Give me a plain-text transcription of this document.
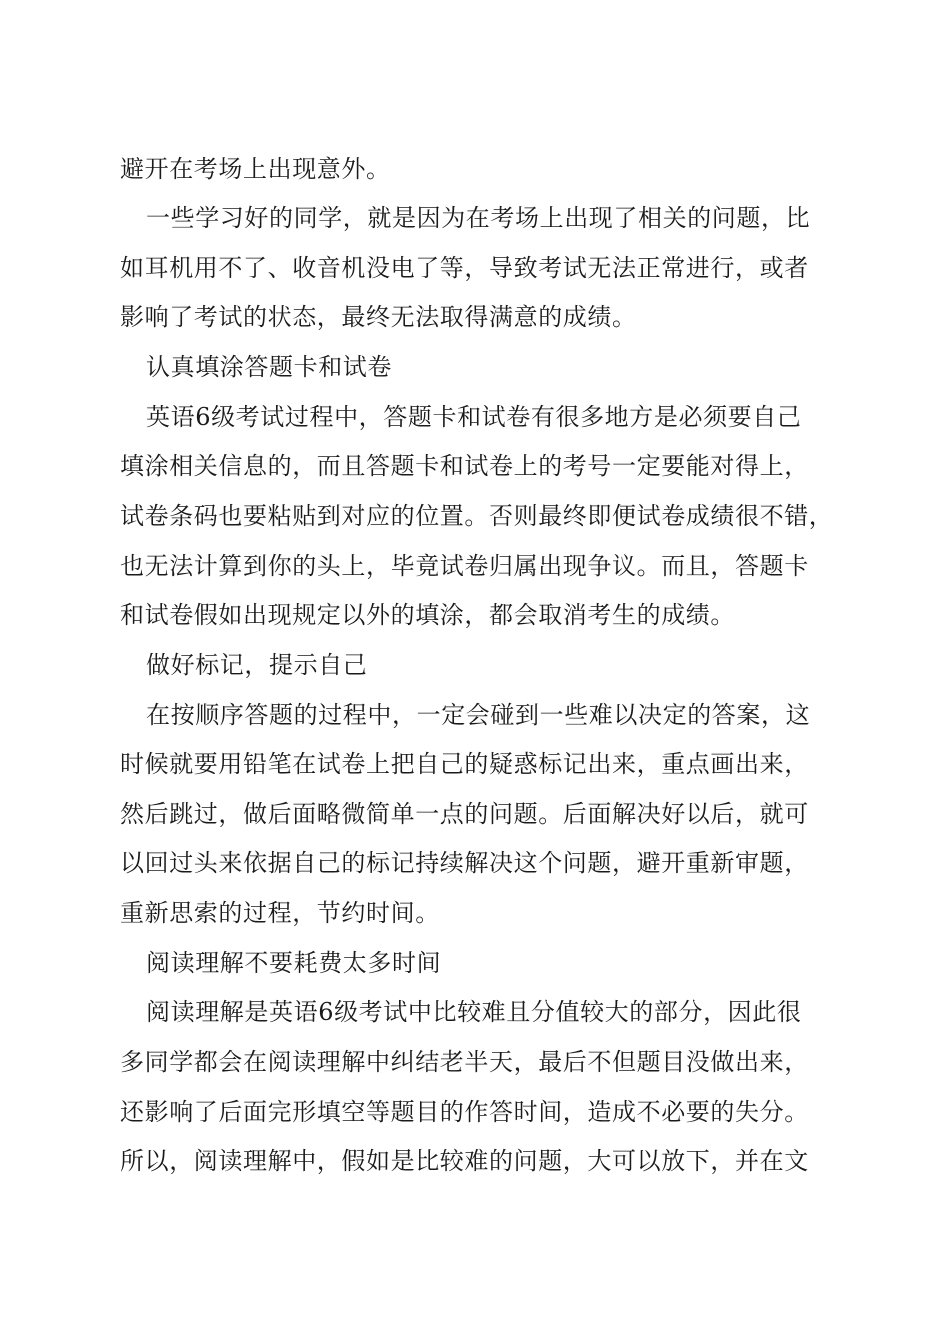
避开在考场上出现意外。
一些学习好的同学，就是因为在考场上出现了相关的问题，比
如耳机用不了、收音机没电了等，导致考试无法正常进行，或者
影响了考试的状态，最终无法取得满意的成绩。
认真填涂答题卡和试卷
英语6级考试过程中，答题卡和试卷有很多地方是必须要自己
填涂相关信息的，而且答题卡和试卷上的考号一定要能对得上，
试卷条码也要粘贴到对应的位置。否则最终即便试卷成绩很不错，
也无法计算到你的头上，毕竟试卷归属出现争议。而且，答题卡
和试卷假如出现规定以外的填涂，都会取消考生的成绩。
做好标记，提示自己
在按顺序答题的过程中，一定会碰到一些难以决定的答案，这
时候就要用铅笔在试卷上把自己的疑惑标记出来，重点画出来，
然后跳过，做后面略微简单一点的问题。后面解决好以后，就可
以回过头来依据自己的标记持续解决这个问题，避开重新审题，
重新思索的过程，节约时间。
阅读理解不要耗费太多时间
阅读理解是英语6级考试中比较难且分值较大的部分，因此很
多同学都会在阅读理解中纠结老半天，最后不但题目没做出来，
还影响了后面完形填空等题目的作答时间，造成不必要的失分。
所以，阅读理解中，假如是比较难的问题，大可以放下，并在文
